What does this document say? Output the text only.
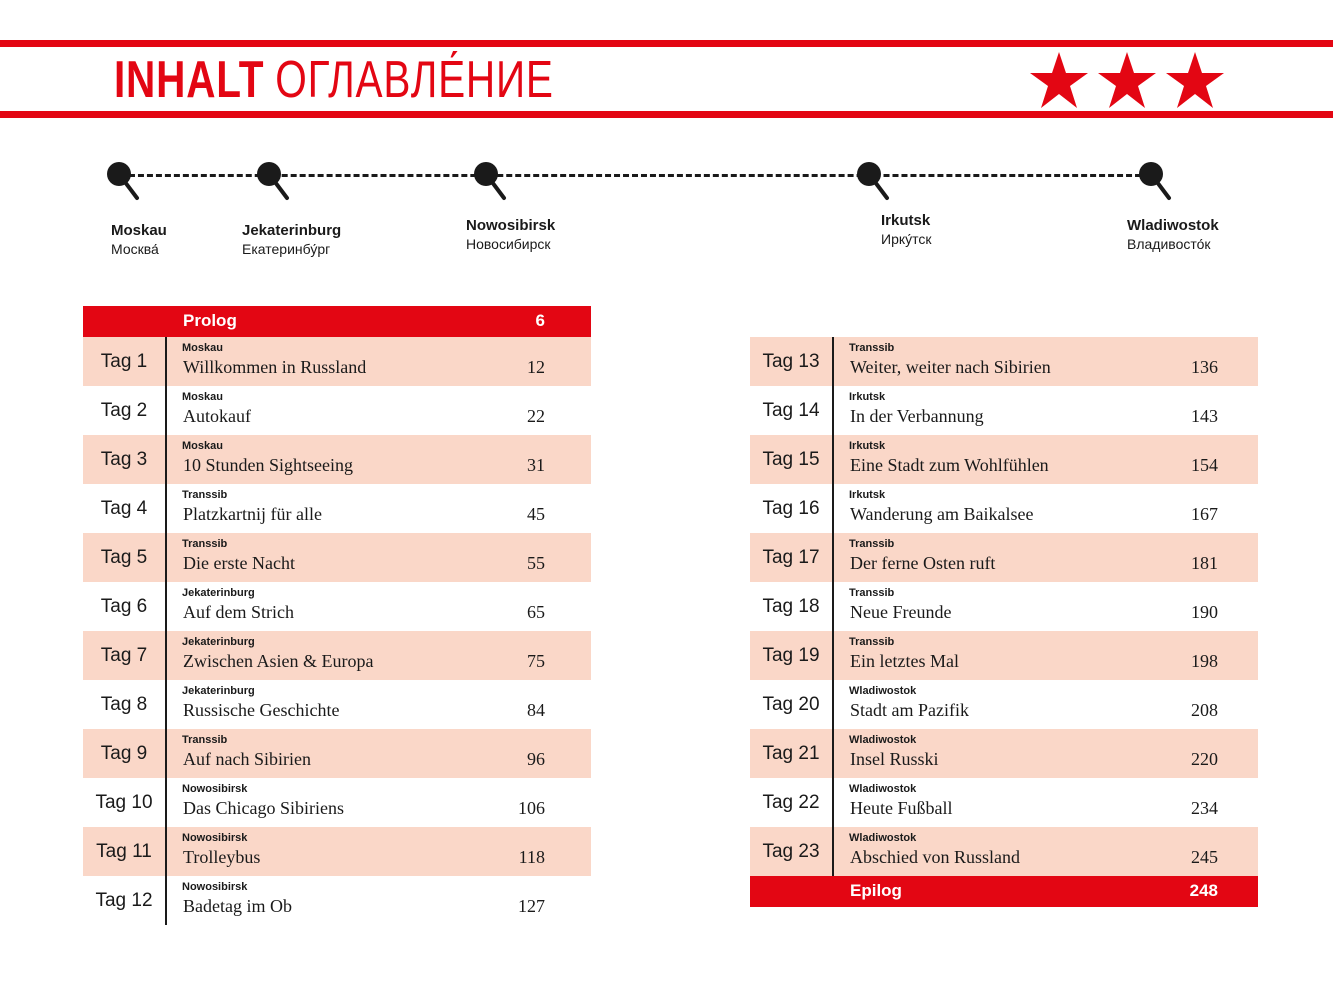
INHALT ОГЛАВЛЕ́НИЕ
Moskau
Москва́
Jekaterinburg
Екатеринбу́рг
Nowosibirsk
Новосибирск
Irkutsk
Ирку́тск
Wladiwostok
Владивосто́к
Prolog	6
Tag 1
Moskau
Willkommen in Russland	12
Tag 2
Moskau
Autokauf	22
Tag 3
Moskau
10 Stunden Sightseeing	31
Tag 4
Transsib
Platzkartnij für alle	45
Tag 5
Transsib
Die erste Nacht	55
Tag 6
Jekaterinburg
Auf dem Strich	65
Tag 7
Jekaterinburg
Zwischen Asien & Europa	75
Tag 8
Jekaterinburg
Russische Geschichte	84
Tag 9
Transsib
Auf nach Sibirien	96
Tag 10
Nowosibirsk
Das Chicago Sibiriens	106
Tag 11
Nowosibirsk
Trolleybus	118
Tag 12
Nowosibirsk
Badetag im Ob	127
Tag 13
Transsib
Weiter, weiter nach Sibirien	136
Tag 14
Irkutsk
In der Verbannung	143
Tag 15
Irkutsk
Eine Stadt zum Wohlfühlen	154
Tag 16
Irkutsk
Wanderung am Baikalsee	167
Tag 17
Transsib
Der ferne Osten ruft	181
Tag 18
Transsib
Neue Freunde	190
Tag 19
Transsib
Ein letztes Mal	198
Tag 20
Wladiwostok
Stadt am Pazifik	208
Tag 21
Wladiwostok
Insel Russki	220
Tag 22
Wladiwostok
Heute Fußball	234
Tag 23
Wladiwostok
Abschied von Russland	245
Epilog	248
